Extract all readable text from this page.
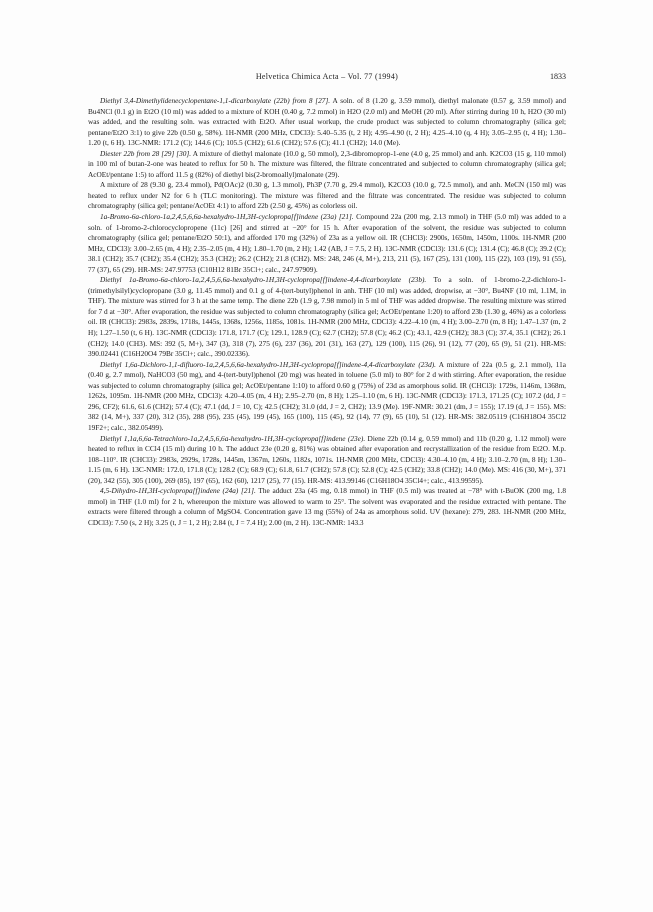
Helvetica Chimica Acta – Vol. 77 (1994)	1833

Diethyl 3,4-Dimethylidenecyclopentane-1,1-dicarboxylate (22b) from 8 [27]. A soln. of 8 (1.20 g, 3.59 mmol), diethyl malonate (0.57 g, 3.59 mmol) and Bu4NCl (0.1 g) in Et2O (10 ml) was added to a mixture of KOH (0.40 g, 7.2 mmol) in H2O (2.0 ml) and MeOH (20 ml). After stirring during 10 h, H2O (30 ml) was added, and the resulting soln. was extracted with Et2O. After usual workup, the crude product was subjected to column chromatography (silica gel; pentane/Et2O 3:1) to give 22b (0.50 g, 58%). 1H-NMR (200 MHz, CDCl3): 5.40–5.35 (t, 2 H); 4.95–4.90 (t, 2 H); 4.25–4.10 (q, 4 H); 3.05–2.95 (t, 4 H); 1.30–1.20 (t, 6 H). 13C-NMR: 171.2 (C); 144.6 (C); 105.5 (CH2); 61.6 (CH2); 57.6 (C); 41.1 (CH2); 14.0 (Me).

Diester 22b from 28 [29] [30]. A mixture of diethyl malonate (10.0 g, 50 mmol), 2,3-dibromoprop-1-ene (4.0 g, 25 mmol) and anh. K2CO3 (15 g, 110 mmol) in 100 ml of butan-2-one was heated to reflux for 50 h. The mixture was filtered, the filtrate concentrated and subjected to column chromatography (silica gel; AcOEt/pentane 1:5) to afford 11.5 g (82%) of diethyl bis(2-bromoallyl)malonate (29).

A mixture of 28 (9.30 g, 23.4 mmol), Pd(OAc)2 (0.30 g, 1.3 mmol), Ph3P (7.70 g, 29.4 mmol), K2CO3 (10.0 g, 72.5 mmol), and anh. MeCN (150 ml) was heated to reflux under N2 for 6 h (TLC monitoring). The mixture was filtered and the filtrate was concentrated. The residue was subjected to column chromatography (silica gel; pentane/AcOEt 4:1) to afford 22b (2.50 g, 45%) as colorless oil.

1a-Bromo-6a-chloro-1a,2,4,5,6,6a-hexahydro-1H,3H-cyclopropa[f]indene (23a) [21]. Compound 22a (200 mg, 2.13 mmol) in THF (5.0 ml) was added to a soln. of 1-bromo-2-chlorocyclopropene (11c) [26] and stirred at −20° for 15 h. After evaporation of the solvent, the residue was subjected to column chromatography (silica gel; pentane/Et2O 50:1), and afforded 170 mg (32%) of 23a as a yellow oil. IR (CHCl3): 2900s, 1650m, 1450m, 1100s. 1H-NMR (200 MHz, CDCl3): 3.00–2.65 (m, 4 H); 2.35–2.05 (m, 4 H); 1.80–1.70 (m, 2 H); 1.42 (AB, J = 7.5, 2 H). 13C-NMR (CDCl3): 131.6 (C); 131.4 (C); 46.8 (C); 39.2 (C); 38.1 (CH2); 35.7 (CH2); 35.4 (CH2); 35.3 (CH2); 26.2 (CH2); 21.8 (CH2). MS: 248, 246 (4, M+), 213, 211 (5), 167 (25), 131 (100), 115 (22), 103 (19), 91 (55), 77 (37), 65 (29). HR-MS: 247.97753 (C10H12 81Br 35Cl+; calc., 247.97909).

Diethyl 1a-Bromo-6a-chloro-1a,2,4,5,6,6a-hexahydro-1H,3H-cyclopropa[f]indene-4,4-dicarboxylate (23b). To a soln. of 1-bromo-2,2-dichloro-1-(trimethylsilyl)cyclopropane (3.0 g, 11.45 mmol) and 0.1 g of 4-(tert-butyl)phenol in anh. THF (10 ml) was added, dropwise, at −30°, Bu4NF (10 ml, 1.1M, in THF). The mixture was stirred for 3 h at the same temp. The diene 22b (1.9 g, 7.98 mmol) in 5 ml of THF was added dropwise. The resulting mixture was stirred for 7 d at −30°. After evaporation, the residue was subjected to column chromatography (silica gel; AcOEt/pentane 1:20) to afford 23b (1.30 g, 46%) as a colorless oil. IR (CHCl3): 2983s, 2839s, 1718s, 1445s, 1368s, 1256s, 1185s, 1081s. 1H-NMR (200 MHz, CDCl3): 4.22–4.10 (m, 4 H); 3.00–2.70 (m, 8 H); 1.47–1.37 (m, 2 H); 1.27–1.50 (t, 6 H). 13C-NMR (CDCl3): 171.8, 171.7 (C); 129.1, 128.9 (C); 62.7 (CH2); 57.8 (C); 46.2 (C); 43.1, 42.9 (CH2); 38.3 (C); 37.4, 35.1 (CH2); 26.1 (CH2); 14.0 (CH3). MS: 392 (5, M+), 347 (3), 318 (7), 275 (6), 237 (36), 201 (31), 163 (27), 129 (100), 115 (26), 91 (12), 77 (20), 65 (9), 51 (21). HR-MS: 390.02441 (C16H20O4 79Br 35Cl+; calc., 390.02336).

Diethyl 1,6a-Dichloro-1,1-difluoro-1a,2,4,5,6,6a-hexahydro-1H,3H-cyclopropa[f]indene-4,4-dicarboxylate (23d). A mixture of 22a (0.5 g, 2.1 mmol), 11a (0.40 g, 2.7 mmol), NaHCO3 (50 mg), and 4-(tert-butyl)phenol (20 mg) was heated in toluene (5.0 ml) to 80° for 2 d with stirring. After evaporation, the residue was subjected to column chromatography (silica gel; AcOEt/pentane 1:10) to afford 0.60 g (75%) of 23d as amorphous solid. IR (CHCl3): 1729s, 1146m, 1368m, 1262s, 1095m. 1H-NMR (200 MHz, CDCl3): 4.20–4.05 (m, 4 H); 2.95–2.70 (m, 8 H); 1.25–1.10 (m, 6 H). 13C-NMR (CDCl3): 171.3, 171.25 (C); 107.2 (dd, J = 296, CF2); 61.6, 61.6 (CH2); 57.4 (C); 47.1 (dd, J = 10, C); 42.5 (CH2); 31.0 (dd, J = 2, CH2); 13.9 (Me). 19F-NMR: 30.21 (dm, J = 155); 17.19 (d, J = 155). MS: 382 (14, M+), 337 (20), 312 (35), 288 (95), 235 (45), 199 (45), 165 (100), 115 (45), 92 (14), 77 (9), 65 (10), 51 (12). HR-MS: 382.05119 (C16H18O4 35Cl2 19F2+; calc., 382.05499).

Diethyl 1,1a,6,6a-Tetrachloro-1a,2,4,5,6,6a-hexahydro-1H,3H-cyclopropa[f]indene (23e). Diene 22b (0.14 g, 0.59 mmol) and 11b (0.20 g, 1.12 mmol) were heated to reflux in CCl4 (15 ml) during 10 h. The adduct 23e (0.20 g, 81%) was obtained after evaporation and recrystallization of the residue from Et2O. M.p. 108–110°. IR (CHCl3): 2983s, 2929s, 1728s, 1445m, 1367m, 1260s, 1182s, 1071s. 1H-NMR (200 MHz, CDCl3): 4.30–4.10 (m, 4 H); 3.10–2.70 (m, 8 H); 1.30–1.15 (m, 6 H). 13C-NMR: 172.0, 171.8 (C); 128.2 (C); 68.9 (C); 61.8, 61.7 (CH2); 57.8 (C); 52.8 (C); 42.5 (CH2); 33.8 (CH2); 14.0 (Me). MS: 416 (30, M+), 371 (20), 342 (55), 305 (100), 269 (85), 197 (65), 162 (60), 1217 (25), 77 (15). HR-MS: 413.99146 (C16H18O4 35Cl4+; calc., 413.99595).

4,5-Dihydro-1H,3H-cyclopropa[f]indene (24a) [21]. The adduct 23a (45 mg, 0.18 mmol) in THF (0.5 ml) was treated at −78° with t-BuOK (200 mg, 1.8 mmol) in THF (1.0 ml) for 2 h, whereupon the mixture was allowed to warm to 25°. The solvent was evaporated and the residue extracted with pentane. The extracts were filtered through a column of MgSO4. Concentration gave 13 mg (55%) of 24a as amorphous solid. UV (hexane): 279, 283. 1H-NMR (200 MHz, CDCl3): 7.50 (s, 2 H); 3.25 (t, J = 1, 2 H); 2.84 (t, J = 7.4 H); 2.00 (m, 2 H). 13C-NMR: 143.3
